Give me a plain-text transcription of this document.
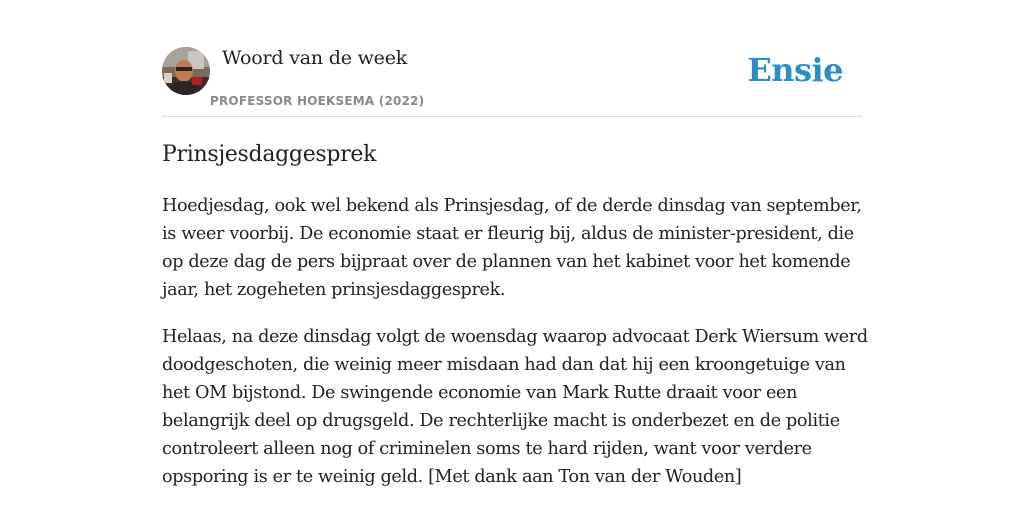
Woord van de week
PROFESSOR HOEKSEMA (2022)
Ensie
Prinsjesdaggesprek

Hoedjesdag, ook wel bekend als Prinsjesdag, of de derde dinsdag van september, is weer voorbij. De economie staat er fleurig bij, aldus de minister-president, die op deze dag de pers bijpraat over de plannen van het kabinet voor het komende jaar, het zogeheten prinsjesdaggesprek.

Helaas, na deze dinsdag volgt de woensdag waarop advocaat Derk Wiersum werd doodgeschoten, die weinig meer misdaan had dan dat hij een kroongetuige van het OM bijstond. De swingende economie van Mark Rutte draait voor een belangrijk deel op drugsgeld. De rechterlijke macht is onderbezet en de politie controleert alleen nog of criminelen soms te hard rijden, want voor verdere opsporing is er te weinig geld. [Met dank aan Ton van der Wouden]
